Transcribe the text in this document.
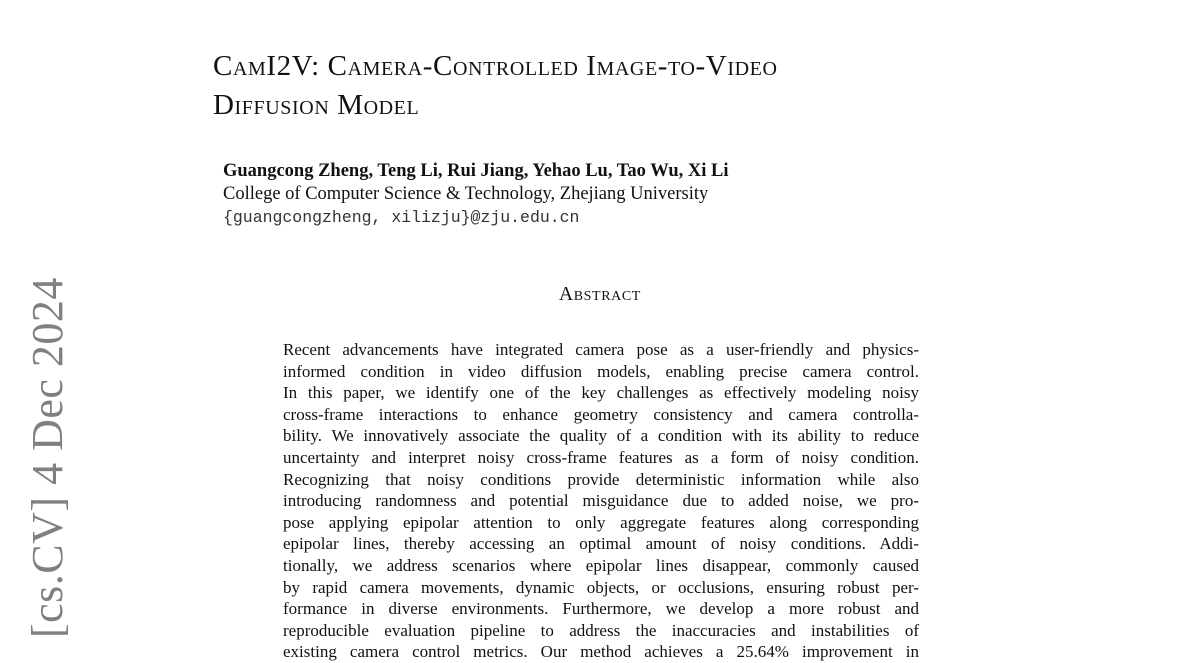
[cs.CV] 4 Dec 2024
CamI2V: Camera-Controlled Image-to-Video
Diffusion Model
Guangcong Zheng, Teng Li, Rui Jiang, Yehao Lu, Tao Wu, Xi Li
College of Computer Science & Technology, Zhejiang University
{guangcongzheng, xilizju}@zju.edu.cn
Abstract
Recent advancements have integrated camera pose as a user-friendly and physics-
informed condition in video diffusion models, enabling precise camera control.
In this paper, we identify one of the key challenges as effectively modeling noisy
cross-frame interactions to enhance geometry consistency and camera controlla-
bility. We innovatively associate the quality of a condition with its ability to reduce
uncertainty and interpret noisy cross-frame features as a form of noisy condition.
Recognizing that noisy conditions provide deterministic information while also
introducing randomness and potential misguidance due to added noise, we pro-
pose applying epipolar attention to only aggregate features along corresponding
epipolar lines, thereby accessing an optimal amount of noisy conditions. Addi-
tionally, we address scenarios where epipolar lines disappear, commonly caused
by rapid camera movements, dynamic objects, or occlusions, ensuring robust per-
formance in diverse environments. Furthermore, we develop a more robust and
reproducible evaluation pipeline to address the inaccuracies and instabilities of
existing camera control metrics. Our method achieves a 25.64% improvement in
